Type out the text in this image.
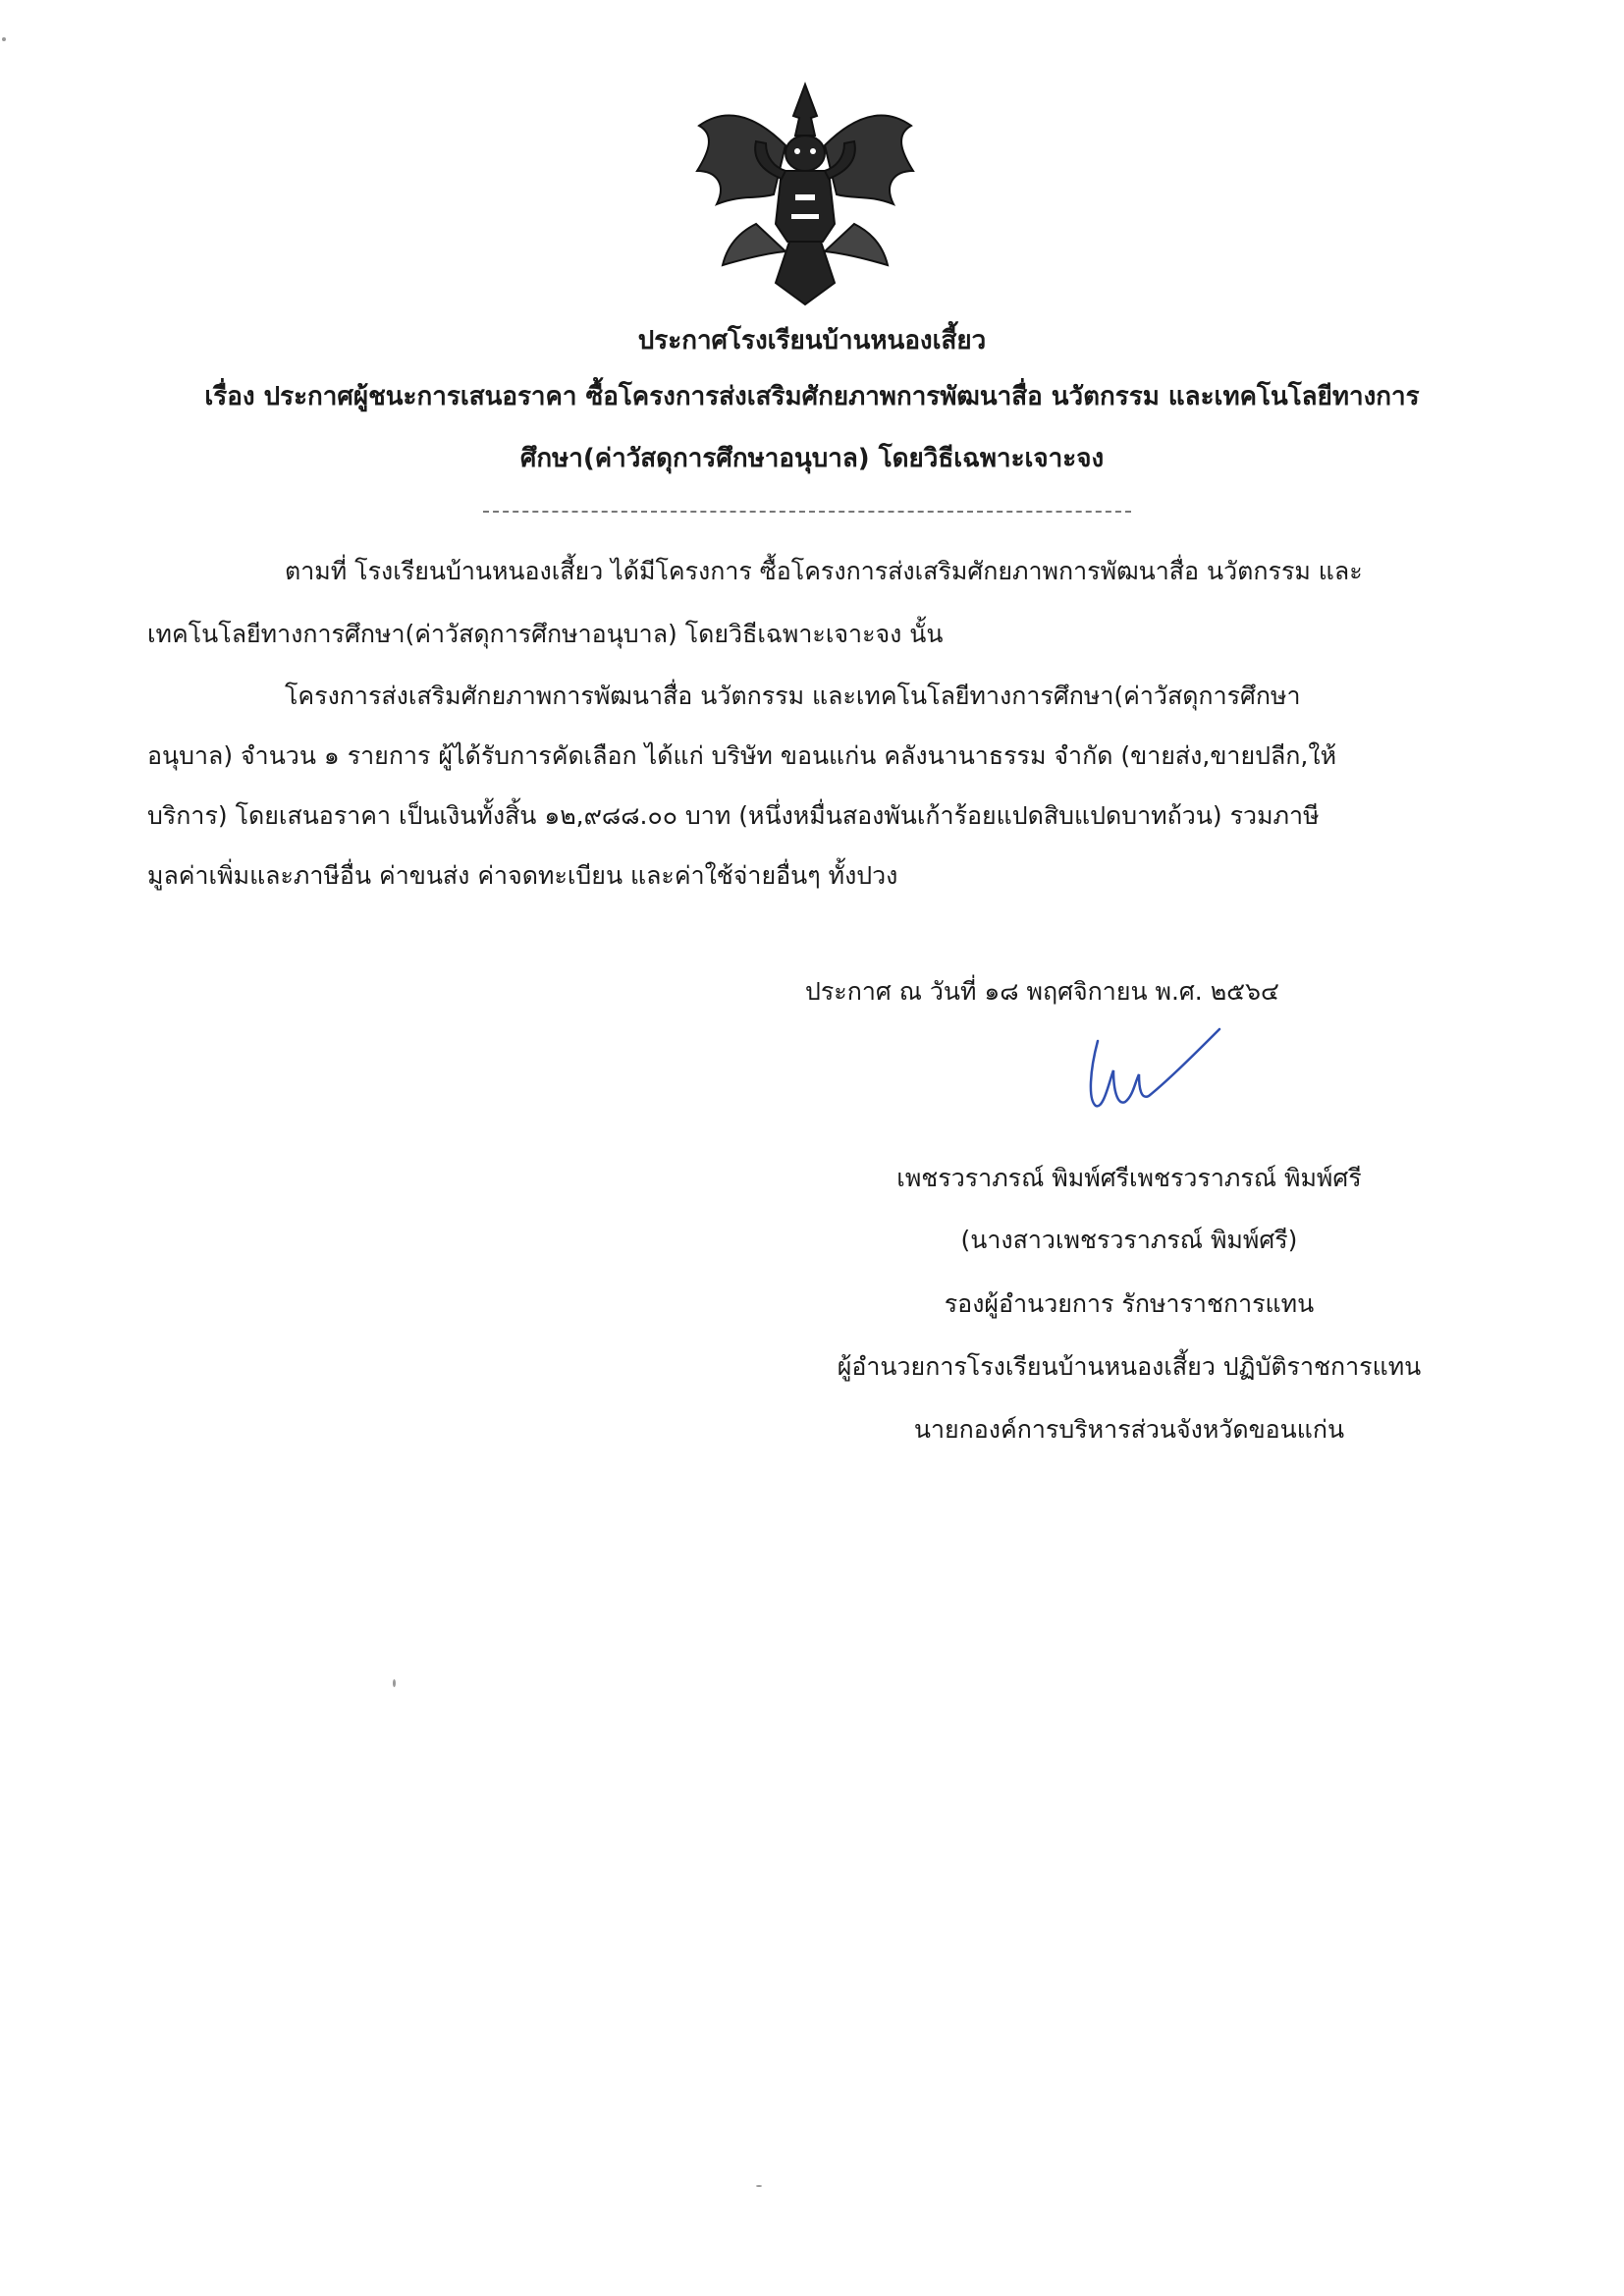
ประกาศโรงเรียนบ้านหนองเสี้ยว
เรื่อง ประกาศผู้ชนะการเสนอราคา ซื้อโครงการส่งเสริมศักยภาพการพัฒนาสื่อ นวัตกรรม และเทคโนโลยีทางการ
ศึกษา(ค่าวัสดุการศึกษาอนุบาล) โดยวิธีเฉพาะเจาะจง
ตามที่ โรงเรียนบ้านหนองเสี้ยว ได้มีโครงการ ซื้อโครงการส่งเสริมศักยภาพการพัฒนาสื่อ นวัตกรรม และ
เทคโนโลยีทางการศึกษา(ค่าวัสดุการศึกษาอนุบาล) โดยวิธีเฉพาะเจาะจง นั้น
โครงการส่งเสริมศักยภาพการพัฒนาสื่อ นวัตกรรม และเทคโนโลยีทางการศึกษา(ค่าวัสดุการศึกษา
อนุบาล) จำนวน ๑ รายการ ผู้ได้รับการคัดเลือก ได้แก่ บริษัท ขอนแก่น คลังนานาธรรม จำกัด (ขายส่ง,ขายปลีก,ให้
บริการ) โดยเสนอราคา เป็นเงินทั้งสิ้น ๑๒,๙๘๘.๐๐ บาท (หนึ่งหมื่นสองพันเก้าร้อยแปดสิบแปดบาทถ้วน) รวมภาษี
มูลค่าเพิ่มและภาษีอื่น ค่าขนส่ง ค่าจดทะเบียน และค่าใช้จ่ายอื่นๆ ทั้งปวง
ประกาศ ณ วันที่ ๑๘ พฤศจิกายน พ.ศ. ๒๕๖๔
เพชรวราภรณ์ พิมพ์ศรีเพชรวราภรณ์ พิมพ์ศรี
(นางสาวเพชรวราภรณ์ พิมพ์ศรี)
รองผู้อำนวยการ รักษาราชการแทน
ผู้อำนวยการโรงเรียนบ้านหนองเสี้ยว ปฏิบัติราชการแทน
นายกองค์การบริหารส่วนจังหวัดขอนแก่น
